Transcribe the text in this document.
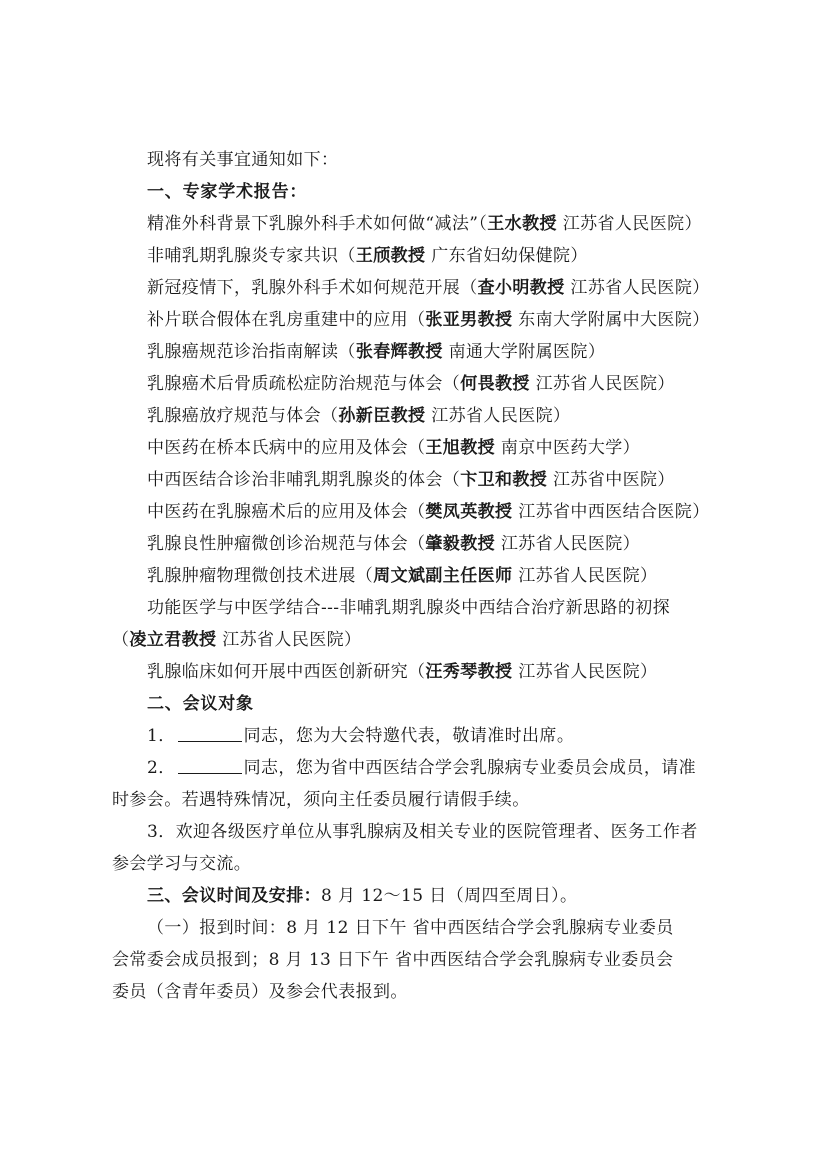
现将有关事宜通知如下：
一、专家学术报告：
精准外科背景下乳腺外科手术如何做“减法”（王水教授 江苏省人民医院）
非哺乳期乳腺炎专家共识（王颀教授 广东省妇幼保健院）
新冠疫情下，乳腺外科手术如何规范开展（查小明教授 江苏省人民医院）
补片联合假体在乳房重建中的应用（张亚男教授 东南大学附属中大医院）
乳腺癌规范诊治指南解读（张春辉教授 南通大学附属医院）
乳腺癌术后骨质疏松症防治规范与体会（何畏教授 江苏省人民医院）
乳腺癌放疗规范与体会（孙新臣教授 江苏省人民医院）
中医药在桥本氏病中的应用及体会（王旭教授 南京中医药大学）
中西医结合诊治非哺乳期乳腺炎的体会（卞卫和教授 江苏省中医院）
中医药在乳腺癌术后的应用及体会（樊凤英教授 江苏省中西医结合医院）
乳腺良性肿瘤微创诊治规范与体会（肇毅教授 江苏省人民医院）
乳腺肿瘤物理微创技术进展（周文斌副主任医师 江苏省人民医院）
功能医学与中医学结合---非哺乳期乳腺炎中西结合治疗新思路的初探
（凌立君教授 江苏省人民医院）
乳腺临床如何开展中西医创新研究（汪秀琴教授 江苏省人民医院）
二、会议对象
1．	同志，您为大会特邀代表，敬请准时出席。
2．	同志，您为省中西医结合学会乳腺病专业委员会成员，请准
时参会。若遇特殊情况，须向主任委员履行请假手续。
3．欢迎各级医疗单位从事乳腺病及相关专业的医院管理者、医务工作者
参会学习与交流。
三、会议时间及安排：8 月 12～15 日（周四至周日）。
（一）报到时间：8 月 12 日下午 省中西医结合学会乳腺病专业委员
会常委会成员报到；8 月 13 日下午 省中西医结合学会乳腺病专业委员会
委员（含青年委员）及参会代表报到。
